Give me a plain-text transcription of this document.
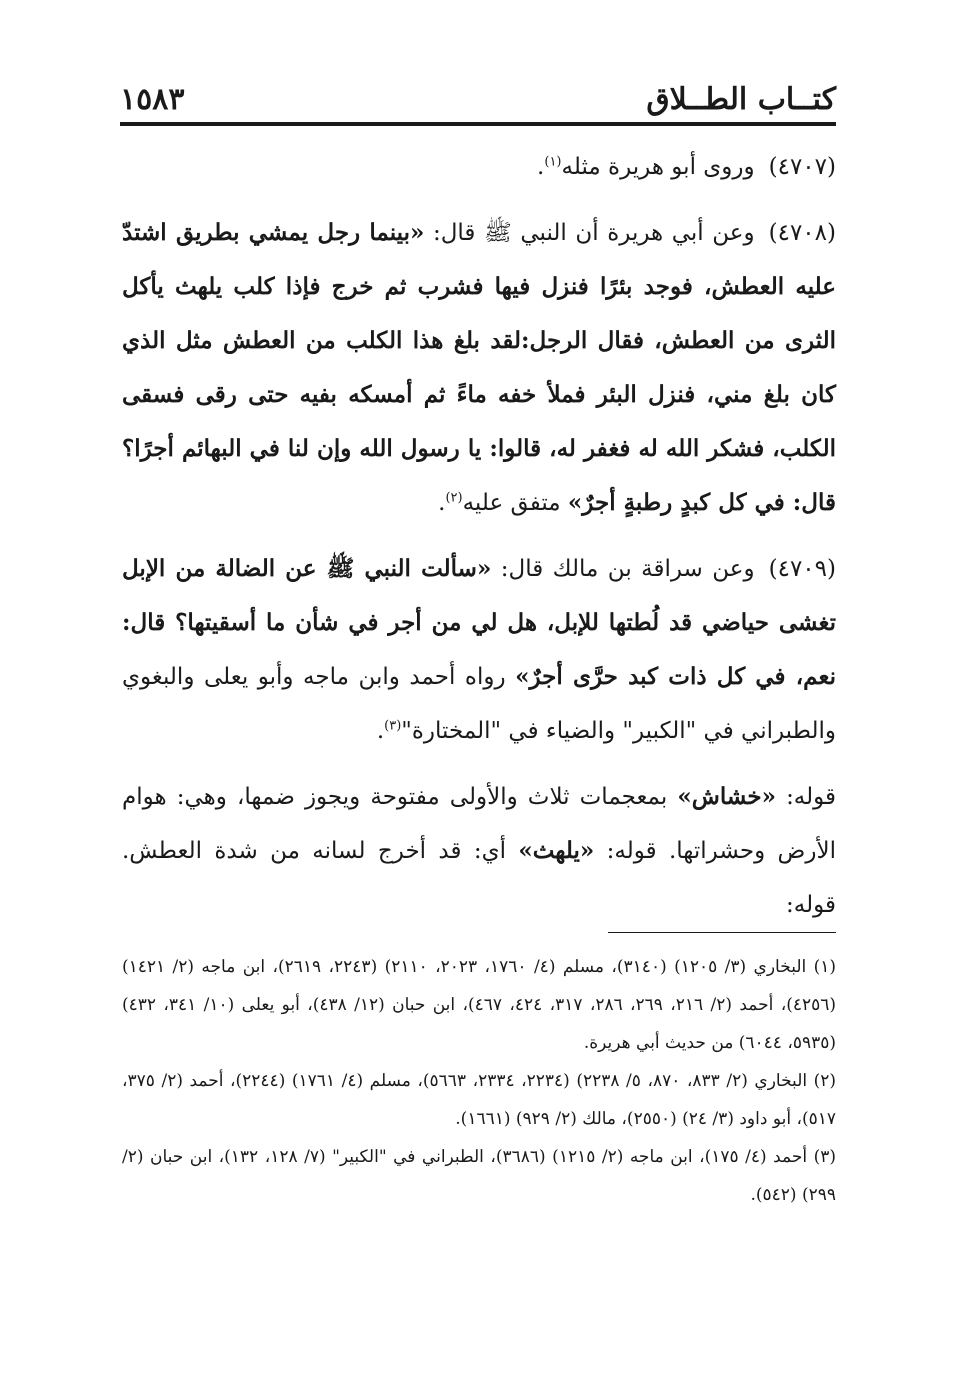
كتــاب الطــلاق
١٥٨٣

(٤٧٠٧)وروى أبو هريرة مثله$^{(١)}$.

(٤٧٠٨)وعن أبي هريرة أن النبي ﷺ قال: «بينما رجل يمشي بطريق اشتدّ عليه العطش، فوجد بئرًا فنزل فيها فشرب ثم خرج فإذا كلب يلهث يأكل الثرى من العطش، فقال الرجل:لقد بلغ هذا الكلب من العطش مثل الذي كان بلغ مني، فنزل البئر فملأ خفه ماءً ثم أمسكه بفيه حتى رقى فسقى الكلب، فشكر الله له فغفر له، قالوا: يا رسول الله وإن لنا في البهائم أجرًا؟ قال: في كل كبدٍ رطبةٍ أجرٌ» متفق عليه$^{(٢)}$.

(٤٧٠٩)وعن سراقة بن مالك قال: «سألت النبي ﷺ عن الضالة من الإبل تغشى حياضي قد لُطتها للإبل، هل لي من أجر في شأن ما أسقيتها؟ قال: نعم، في كل ذات كبد حرَّى أجرٌ» رواه أحمد وابن ماجه وأبو يعلى والبغوي والطبراني في "الكبير" والضياء في "المختارة"$^{(٣)}$.

قوله: «خشاش» بمعجمات ثلاث والأولى مفتوحة ويجوز ضمها، وهي: هوام الأرض وحشراتها. قوله: «يلهث» أي: قد أخرج لسانه من شدة العطش. قوله:

(١) البخاري (٣/ ١٢٠٥) (٣١٤٠)، مسلم (٤/ ١٧٦٠، ٢٠٢٣، ٢١١٠) (٢٢٤٣، ٢٦١٩)، ابن ماجه (٢/ ١٤٢١) (٤٢٥٦)، أحمد (٢/ ٢١٦، ٢٦٩، ٢٨٦، ٣١٧، ٤٢٤، ٤٦٧)، ابن حبان (١٢/ ٤٣٨)، أبو يعلى (١٠/ ٣٤١، ٤٣٢) (٥٩٣٥، ٦٠٤٤) من حديث أبي هريرة.

(٢) البخاري (٢/ ٨٣٣، ٨٧٠، ٥/ ٢٢٣٨) (٢٢٣٤، ٢٣٣٤، ٥٦٦٣)، مسلم (٤/ ١٧٦١) (٢٢٤٤)، أحمد (٢/ ٣٧٥، ٥١٧)، أبو داود (٣/ ٢٤) (٢٥٥٠)، مالك (٢/ ٩٢٩) (١٦٦١).

(٣) أحمد (٤/ ١٧٥)، ابن ماجه (٢/ ١٢١٥) (٣٦٨٦)، الطبراني في "الكبير" (٧/ ١٢٨، ١٣٢)، ابن حبان (٢/ ٢٩٩) (٥٤٢).
